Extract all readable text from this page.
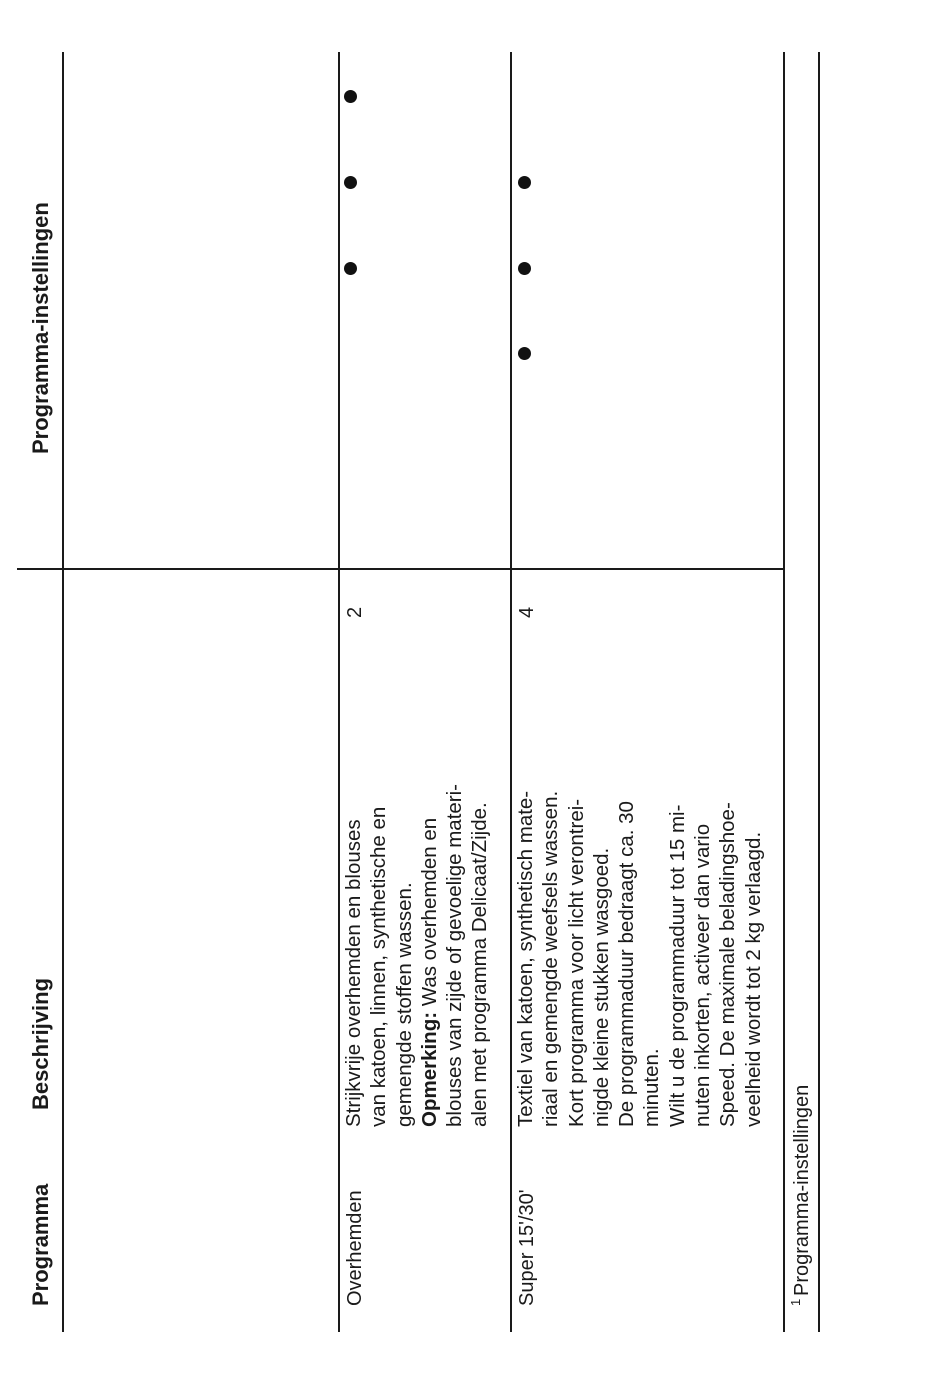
Programma
Beschrijving
Programma-instellingen
Overhemden

Strijkvrije overhemden en blouses van katoen, linnen, synthetische en gemengde stoffen wassen. Opmerking: Was overhemden en blouses van zijde of gevoelige materi- alen met programma Delicaat/Zijde.

2
Super 15'/30'

Textiel van katoen, synthetisch mate- riaal en gemengde weefsels wassen. Kort programma voor licht verontrei- nigde kleine stukken wasgoed. De programmaduur bedraagt ca. 30 minuten. Wilt u de programmaduur tot 15 mi- nuten inkorten, activeer dan vario Speed. De maximale beladingshoe- veelheid wordt tot 2 kg verlaagd.

4
1
Programma-instellingen
